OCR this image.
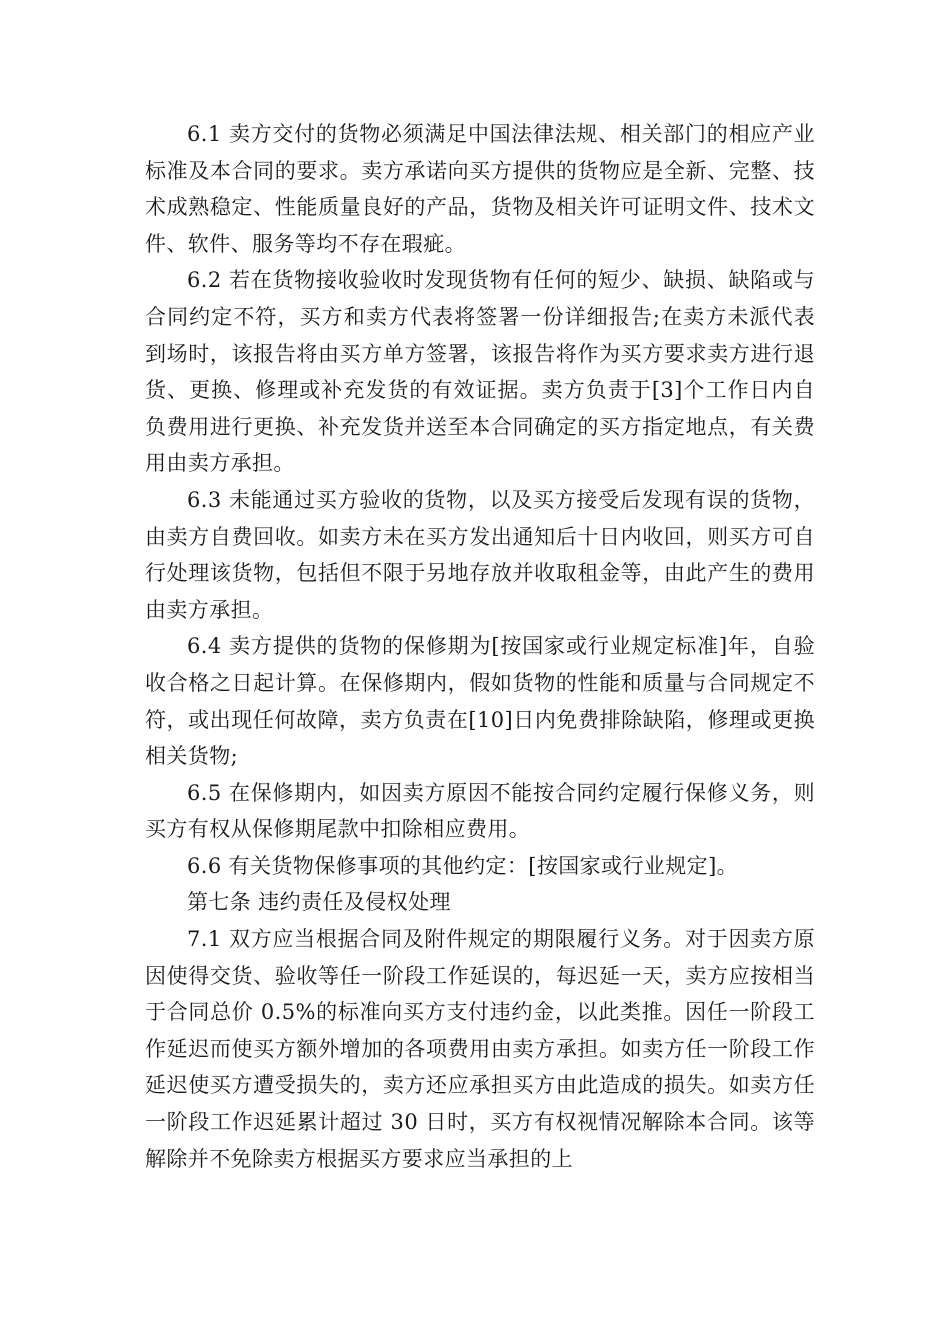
6.1 卖方交付的货物必须满足中国法律法规、相关部门的相应产业标准及本合同的要求。卖方承诺向买方提供的货物应是全新、完整、技术成熟稳定、性能质量良好的产品，货物及相关许可证明文件、技术文件、软件、服务等均不存在瑕疵。

6.2 若在货物接收验收时发现货物有任何的短少、缺损、缺陷或与合同约定不符，买方和卖方代表将签署一份详细报告;在卖方未派代表到场时，该报告将由买方单方签署，该报告将作为买方要求卖方进行退货、更换、修理或补充发货的有效证据。卖方负责于[3]个工作日内自负费用进行更换、补充发货并送至本合同确定的买方指定地点，有关费用由卖方承担。

6.3 未能通过买方验收的货物，以及买方接受后发现有误的货物，由卖方自费回收。如卖方未在买方发出通知后十日内收回，则买方可自行处理该货物，包括但不限于另地存放并收取租金等，由此产生的费用由卖方承担。

6.4 卖方提供的货物的保修期为[按国家或行业规定标准]年，自验收合格之日起计算。在保修期内，假如货物的性能和质量与合同规定不符，或出现任何故障，卖方负责在[10]日内免费排除缺陷，修理或更换相关货物;

6.5 在保修期内，如因卖方原因不能按合同约定履行保修义务，则买方有权从保修期尾款中扣除相应费用。

6.6 有关货物保修事项的其他约定：[按国家或行业规定]。

第七条 违约责任及侵权处理

7.1 双方应当根据合同及附件规定的期限履行义务。对于因卖方原因使得交货、验收等任一阶段工作延误的，每迟延一天，卖方应按相当于合同总价 0.5%的标准向买方支付违约金，以此类推。因任一阶段工作延迟而使买方额外增加的各项费用由卖方承担。如卖方任一阶段工作延迟使买方遭受损失的，卖方还应承担买方由此造成的损失。如卖方任一阶段工作迟延累计超过 30 日时，买方有权视情况解除本合同。该等解除并不免除卖方根据买方要求应当承担的上
